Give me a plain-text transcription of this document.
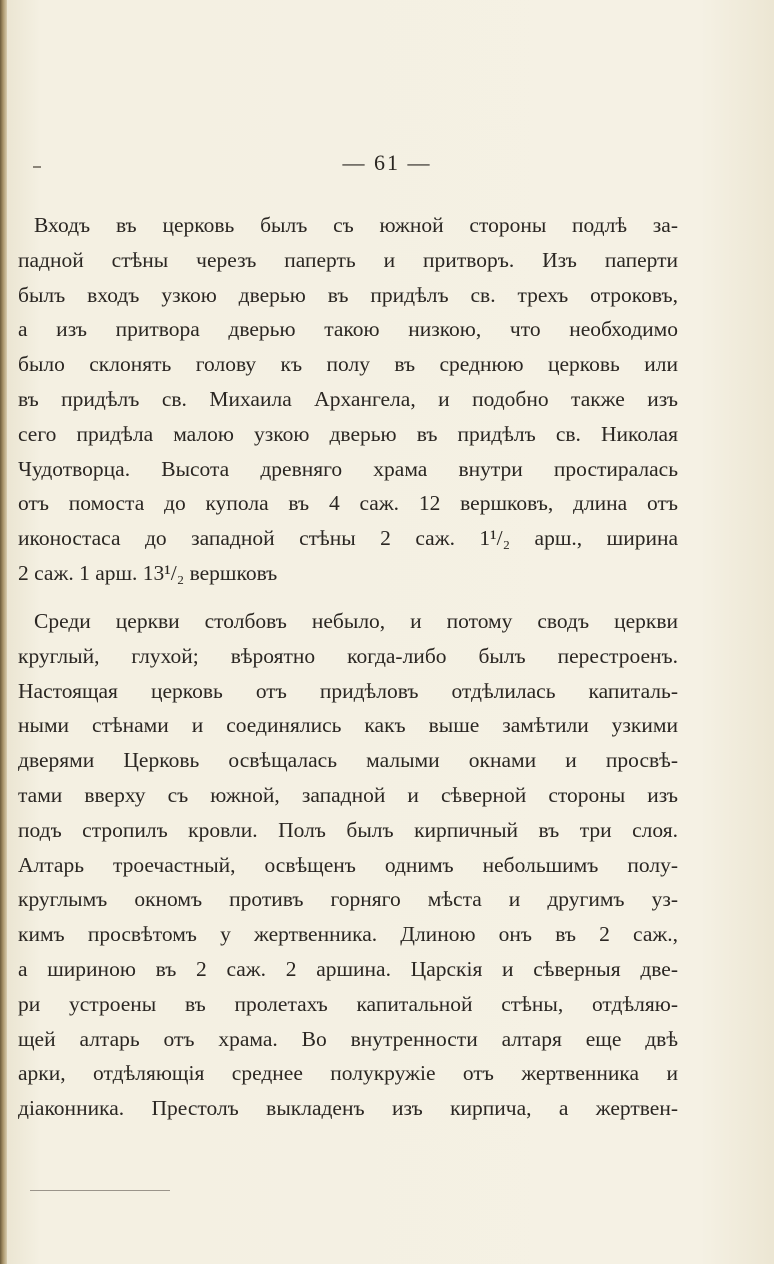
— 61 —
Входъ въ церковь былъ съ южной стороны подлѣ за-
падной стѣны черезъ паперть и притворъ. Изъ паперти
былъ входъ узкою дверью въ придѣлъ св. трехъ отроковъ,
а изъ притвора дверью такою низкою, что необходимо
было склонять голову къ полу въ среднюю церковь или
въ придѣлъ св. Михаила Архангела, и подобно также изъ
сего придѣла малою узкою дверью въ придѣлъ св. Николая
Чудотворца. Высота древняго храма внутри простиралась
отъ помоста до купола въ 4 саж. 12 вершковъ, длина отъ
иконостаса до западной стѣны 2 саж. 1¹/₂ арш., ширина
2 саж. 1 арш. 13¹/₂ вершковъ
Среди церкви столбовъ небыло, и потому сводъ церкви
круглый, глухой; вѣроятно когда-либо былъ перестроенъ.
Настоящая церковь отъ придѣловъ отдѣлилась капиталь-
ными стѣнами и соединялись какъ выше замѣтили узкими
дверями Церковь освѣщалась малыми окнами и просвѣ-
тами вверху съ южной, западной и сѣверной стороны изъ
подъ стропилъ кровли. Полъ былъ кирпичный въ три слоя.
Алтарь троечастный, освѣщенъ однимъ небольшимъ полу-
круглымъ окномъ противъ горняго мѣста и другимъ уз-
кимъ просвѣтомъ у жертвенника. Длиною онъ въ 2 саж.,
а шириною въ 2 саж. 2 аршина. Царскія и сѣверныя две-
ри устроены въ пролетахъ капитальной стѣны, отдѣляю-
щей алтарь отъ храма. Во внутренности алтаря еще двѣ
арки, отдѣляющія среднее полукружіе отъ жертвенника и
діаконника. Престолъ выкладенъ изъ кирпича, а жертвен-
